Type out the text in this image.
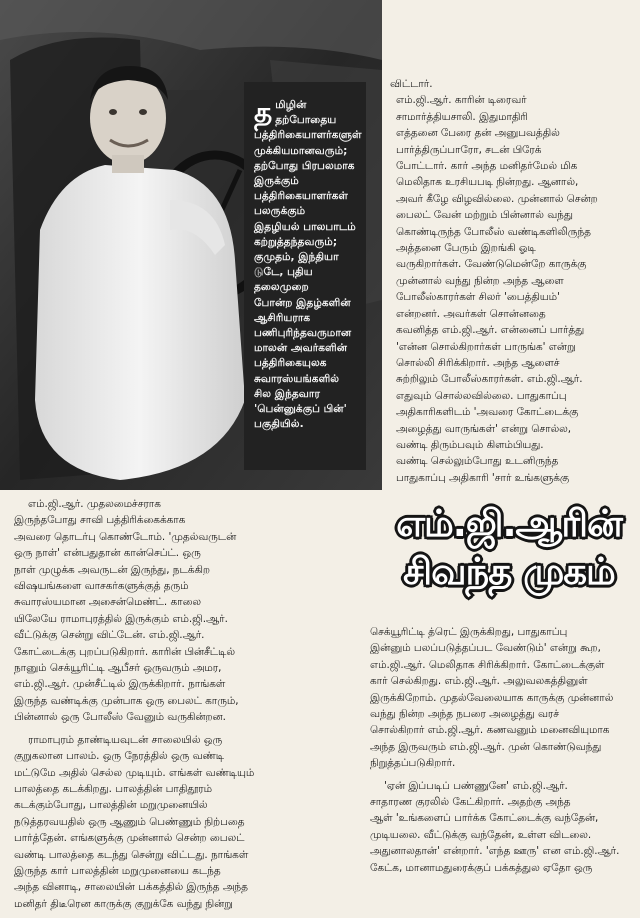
த மிழின்
தற்போதைய
பத்திரிகையாளர்களுள்
முக்கியமானவரும்;
தற்போது பிரபலமாக
இருக்கும்
பத்திரிகையாளர்கள்
பலருக்கும்
இதழியல் பாலபாடம்
கற்றுத்தந்தவரும்;
குமுதம், இந்தியா
டுடே, புதிய
தலைமுறை
போன்ற இதழ்களின்
ஆசிரியராக
பணிபுரிந்தவருமான
மாலன் அவர்களின்
பத்திரிகையுலக
சுவாரஸ்யங்களில்
சில இந்தவார
'பென்னுக்குப் பின்'
பகுதியில்.

விட்டார்.

எம்.ஜி.ஆர். காரின் டிரைவர்
சாமார்த்தியசாலி. இதுமாதிரி
எத்தனை பேரை தன் அனுபவத்தில்
பார்த்திருப்பாரோ, சடன் பிரேக்
போட்டார். கார் அந்த மனிதர்மேல் மிக
மெலிதாக உரசியபடி நின்றது. ஆனால்,
அவர் கீழே விழவில்லை. முன்னால் சென்ற
பைலட் வேன் மற்றும் பின்னால் வந்து
கொண்டிருந்த போலீஸ் வண்டிகளிலிருந்த
அத்தனை பேரும் இறங்கி ஓடி
வருகிறார்கள். வேண்டுமென்றே காருக்கு
முன்னால் வந்து நின்ற அந்த ஆளை
போலீஸ்காரர்கள் சிலர் 'பைத்தியம்'
என்றனர். அவர்கள் சொன்னதை
கவனித்த எம்.ஜி.ஆர். என்னைப் பார்த்து
'என்ன சொல்கிறார்கள் பாருங்க' என்று
சொல்லி சிரிக்கிறார். அந்த ஆளைச்
சுற்றிலும் போலீஸ்காரர்கள். எம்.ஜி.ஆர்.
எதுவும் சொல்லவில்லை. பாதுகாப்பு
அதிகாரிகளிடம் 'அவரை கோட்டைக்கு
அழைத்து வாருங்கள்' என்று சொல்ல,
வண்டி திரும்பவும் கிளம்பியது.

வண்டி செல்லும்போது உடனிருந்த
பாதுகாப்பு அதிகாரி 'சார் உங்களுக்கு

எம்.ஜி.ஆரின்
சிவந்த முகம்

எம்.ஜி.ஆர். முதலமைச்சராக
இருந்தபோது சாவி பத்திரிக்கைக்காக
அவரை தொடர்பு கொண்டோம். 'முதல்வருடன்
ஒரு நாள்' என்பதுதான் கான்செப்ட். ஒரு
நாள் முழுக்க அவருடன் இருந்து, நடக்கிற
விஷயங்களை வாசகர்களுக்குத் தரும்
சுவாரஸ்யமான அசைன்மெண்ட். காலை
யிலேயே ராமாபுரத்தில் இருக்கும் எம்.ஜி.ஆர்.
வீட்டுக்கு சென்று விட்டேன். எம்.ஜி.ஆர்.
கோட்டைக்கு புறப்படுகிறார். காரின் பின்சீட்டில்
நானும் செக்யூரிட்டி ஆபீசர் ஒருவரும் அமர,
எம்.ஜி.ஆர். முன்சீட்டில் இருக்கிறார். நாங்கள்
இருந்த வண்டிக்கு முன்பாக ஒரு பைலட் காரும்,
பின்னால் ஒரு போலீஸ் வேனும் வருகின்றன.

ராமாபுரம் தாண்டியவுடன் சாலையில் ஒரு
குறுகலான பாலம். ஒரு நேரத்தில் ஒரு வண்டி
மட்டுமே அதில் செல்ல முடியும். எங்கள் வண்டியும்
பாலத்தை கடக்கிறது. பாலத்தின் பாதிதூரம்
கடக்கும்போது, பாலத்தின் மறுமுனையில்
நடுத்தரவயதில் ஒரு ஆணும் பெண்ணும் நிற்பதை
பார்த்தேன். எங்களுக்கு முன்னால் சென்ற பைலட்
வண்டி பாலத்தை கடந்து சென்று விட்டது. நாங்கள்
இருந்த கார் பாலத்தின் மறுமுனையை கடந்த
அந்த வினாடி, சாலையின் பக்கத்தில் இருந்த அந்த
மனிதர் திடீரென காருக்கு குறுக்கே வந்து நின்று

செக்யூரிட்டி த்ரெட் இருக்கிறது, பாதுகாப்பு
இன்னும் பலப்படுத்தப்பட வேண்டும்' என்று கூற,
எம்.ஜி.ஆர். மெலிதாக சிரிக்கிறார். கோட்டைக்குள்
கார் செல்கிறது. எம்.ஜி.ஆர். அலுவலகத்தினுள்
இருக்கிறோம். முதல்வேலையாக காருக்கு முன்னால்
வந்து நின்ற அந்த நபரை அழைத்து வரச்
சொல்கிறார் எம்.ஜி.ஆர். கணவனும் மனைவியுமாக
அந்த இருவரும் எம்.ஜி.ஆர். முன் கொண்டுவந்து
நிறுத்தப்படுகிறார்.

'ஏன் இப்படிப் பண்ணுனே' எம்.ஜி.ஆர்.
சாதாரண குரலில் கேட்கிறார். அதற்கு அந்த
ஆள் 'உங்களைப் பார்க்க கோட்டைக்கு வந்தேன்,
முடியலை. வீட்டுக்கு வந்தேன், உள்ள விடலை.
அதுனாலதான்' என்றார். 'எந்த ஊரு' என எம்.ஜி.ஆர்.
கேட்க, மானாமதுரைக்குப் பக்கத்துல ஏதோ ஒரு
